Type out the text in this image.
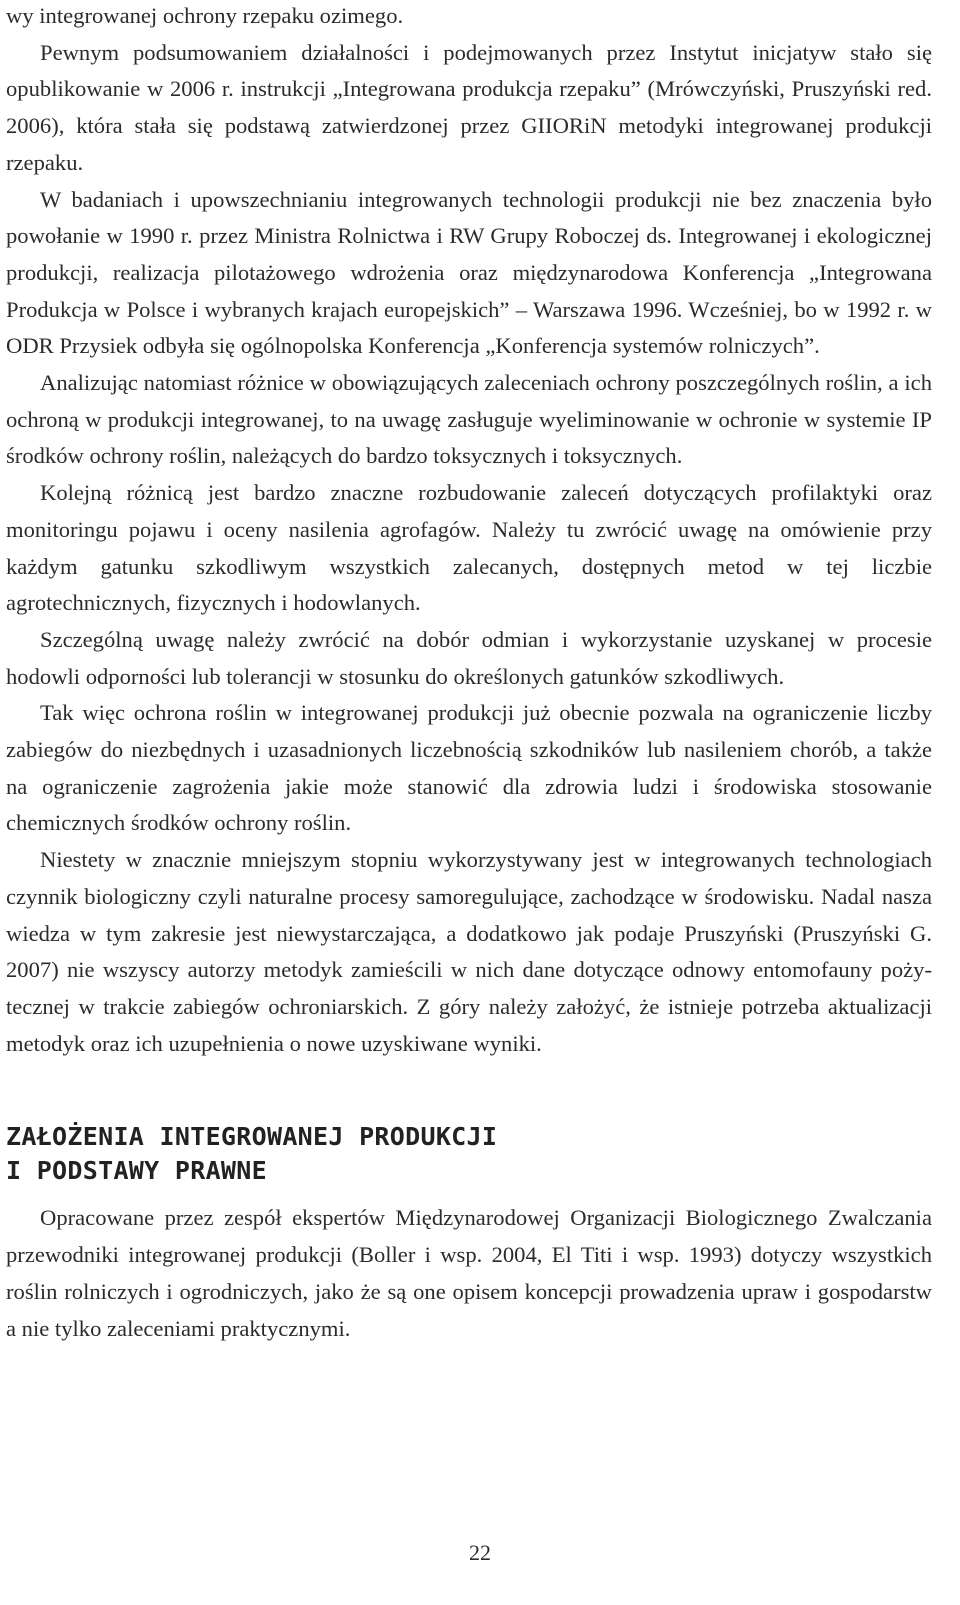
wy integrowanej ochrony rzepaku ozimego.

Pewnym podsumowaniem działalności i podejmowanych przez Instytut inicjatyw stało się opublikowanie w 2006 r. instrukcji „Integrowana produkcja rzepaku” (Mrówczyński, Pruszyński red. 2006), która stała się podstawą zatwierdzonej przez GIIORiN metodyki integrowanej produkcji rzepaku.

W badaniach i upowszechnianiu integrowanych technologii produkcji nie bez znaczenia było powołanie w 1990 r. przez Ministra Rolnictwa i RW Grupy Roboczej ds. Integrowanej i ekologicznej produkcji, realizacja pilotażowego wdrożenia oraz międzynarodowa Konferencja „Integrowana Produkcja w Polsce i wybranych krajach europejskich” – Warszawa 1996. Wcześniej, bo w 1992 r. w ODR Przysiek odbyła się ogólnopolska Konferencja „Konferencja systemów rolniczych”.

Analizując natomiast różnice w obowiązujących zaleceniach ochrony poszczególnych roślin, a ich ochroną w produkcji integrowanej, to na uwagę zasługuje wyeliminowanie w ochronie w systemie IP środków ochrony roślin, należących do bardzo toksycznych i toksycznych.

Kolejną różnicą jest bardzo znaczne rozbudowanie zaleceń dotyczących profilaktyki oraz monitoringu pojawu i oceny nasilenia agrofagów. Należy tu zwrócić uwagę na omówienie przy każdym gatunku szkodliwym wszystkich zalecanych, dostępnych metod w tej liczbie agrotechnicznych, fizycznych i hodowlanych.

Szczególną uwagę należy zwrócić na dobór odmian i wykorzystanie uzyskanej w procesie hodowli odporności lub tolerancji w stosunku do określonych gatunków szkodliwych.

Tak więc ochrona roślin w integrowanej produkcji już obecnie pozwala na ograniczenie liczby zabiegów do niezbędnych i uzasadnionych liczebnością szkodników lub nasileniem chorób, a także na ograniczenie zagrożenia jakie może stanowić dla zdrowia ludzi i środowiska stosowanie chemicznych środków ochrony roślin.

Niestety w znacznie mniejszym stopniu wykorzystywany jest w integrowanych technologiach czynnik biologiczny czyli naturalne procesy samoregulujące, zachodzące w środowisku. Nadal nasza wiedza w tym zakresie jest niewystarczająca, a dodatkowo jak podaje Pruszyński (Pruszyński G. 2007) nie wszyscy autorzy metodyk zamieścili w nich dane dotyczące odnowy entomofauny pożytecznej w trakcie zabiegów ochroniarskich. Z góry należy założyć, że istnieje potrzeba aktualizacji metodyk oraz ich uzupełnienia o nowe uzyskiwane wyniki.

ZAŁOŻENIA INTEGROWANEJ PRODUKCJI
I PODSTAWY PRAWNE

Opracowane przez zespół ekspertów Międzynarodowej Organizacji Biologicznego Zwalczania przewodniki integrowanej produkcji (Boller i wsp. 2004, El Titi i wsp. 1993) dotyczy wszystkich roślin rolniczych i ogrodniczych, jako że są one opisem koncepcji prowadzenia upraw i gospodarstw a nie tylko zaleceniami praktycznymi.

22
